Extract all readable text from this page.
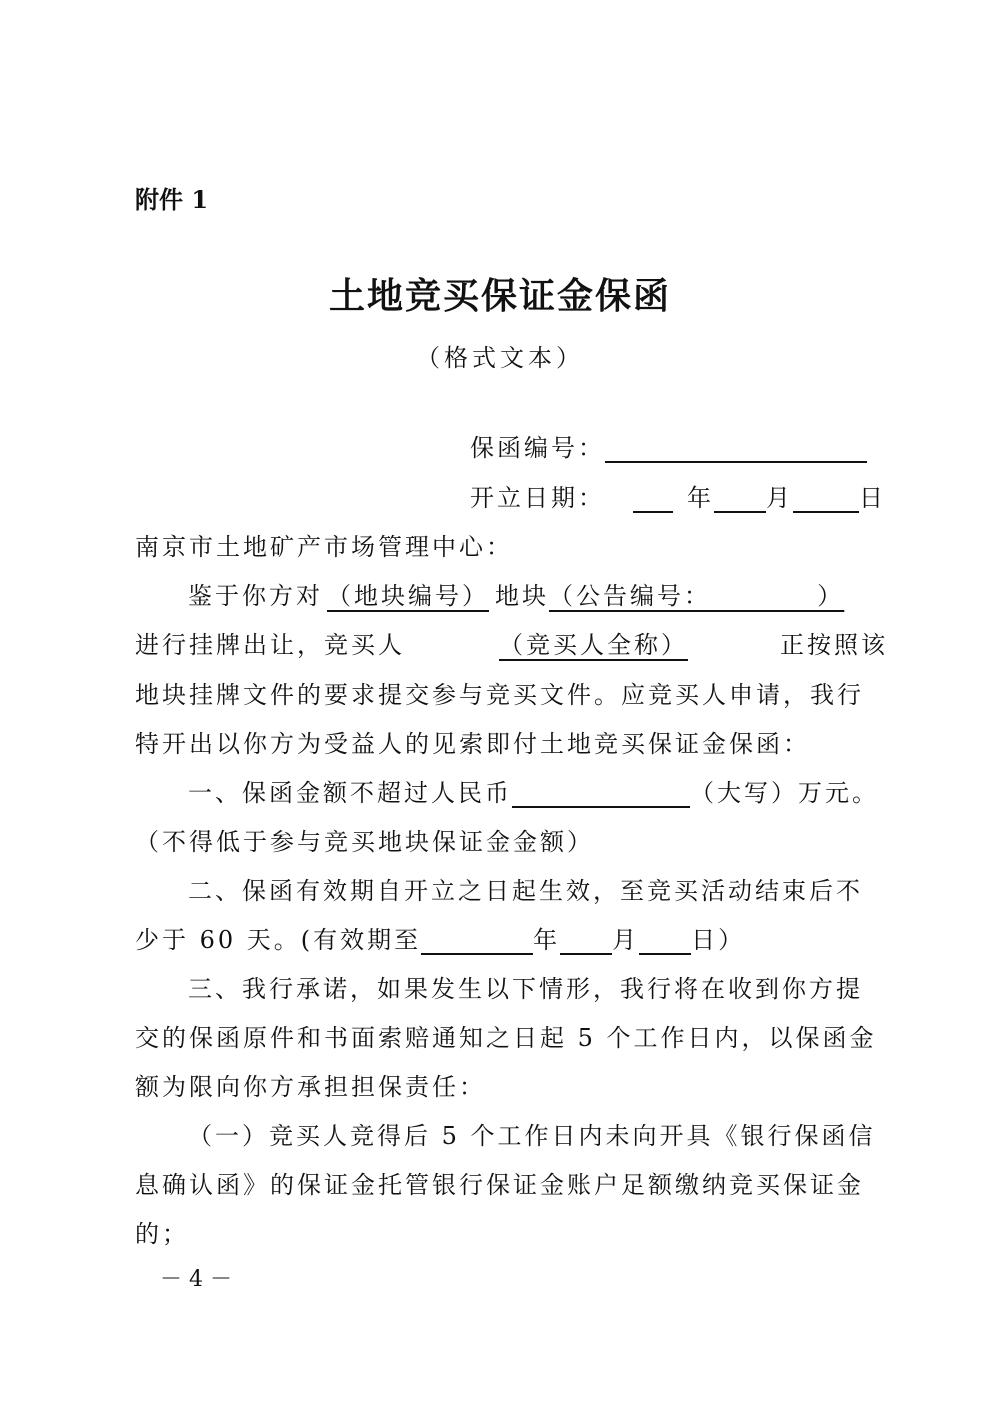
附件 1
土地竞买保证金保函
（格式文本）
保函编号：
开立日期：	年 月	日
南京市土地矿产市场管理中心：
鉴于你方对 （地块编号） 地块（公告编号：          ）
进行挂牌出让，竞买人	（竞买人全称）	正按照该
地块挂牌文件的要求提交参与竞买文件。应竞买人申请，我行
特开出以你方为受益人的见索即付土地竞买保证金保函：
一、保函金额不超过人民币	（大写）万元。
（不得低于参与竞买地块保证金金额）
二、保函有效期自开立之日起生效，至竞买活动结束后不
少于 60 天。(有效期至	年 月 日）
三、我行承诺，如果发生以下情形，我行将在收到你方提
交的保函原件和书面索赔通知之日起 5 个工作日内，以保函金
额为限向你方承担担保责任：
（一）竞买人竞得后 5 个工作日内未向开具《银行保函信
息确认函》的保证金托管银行保证金账户足额缴纳竞买保证金
的；
－ 4 －
